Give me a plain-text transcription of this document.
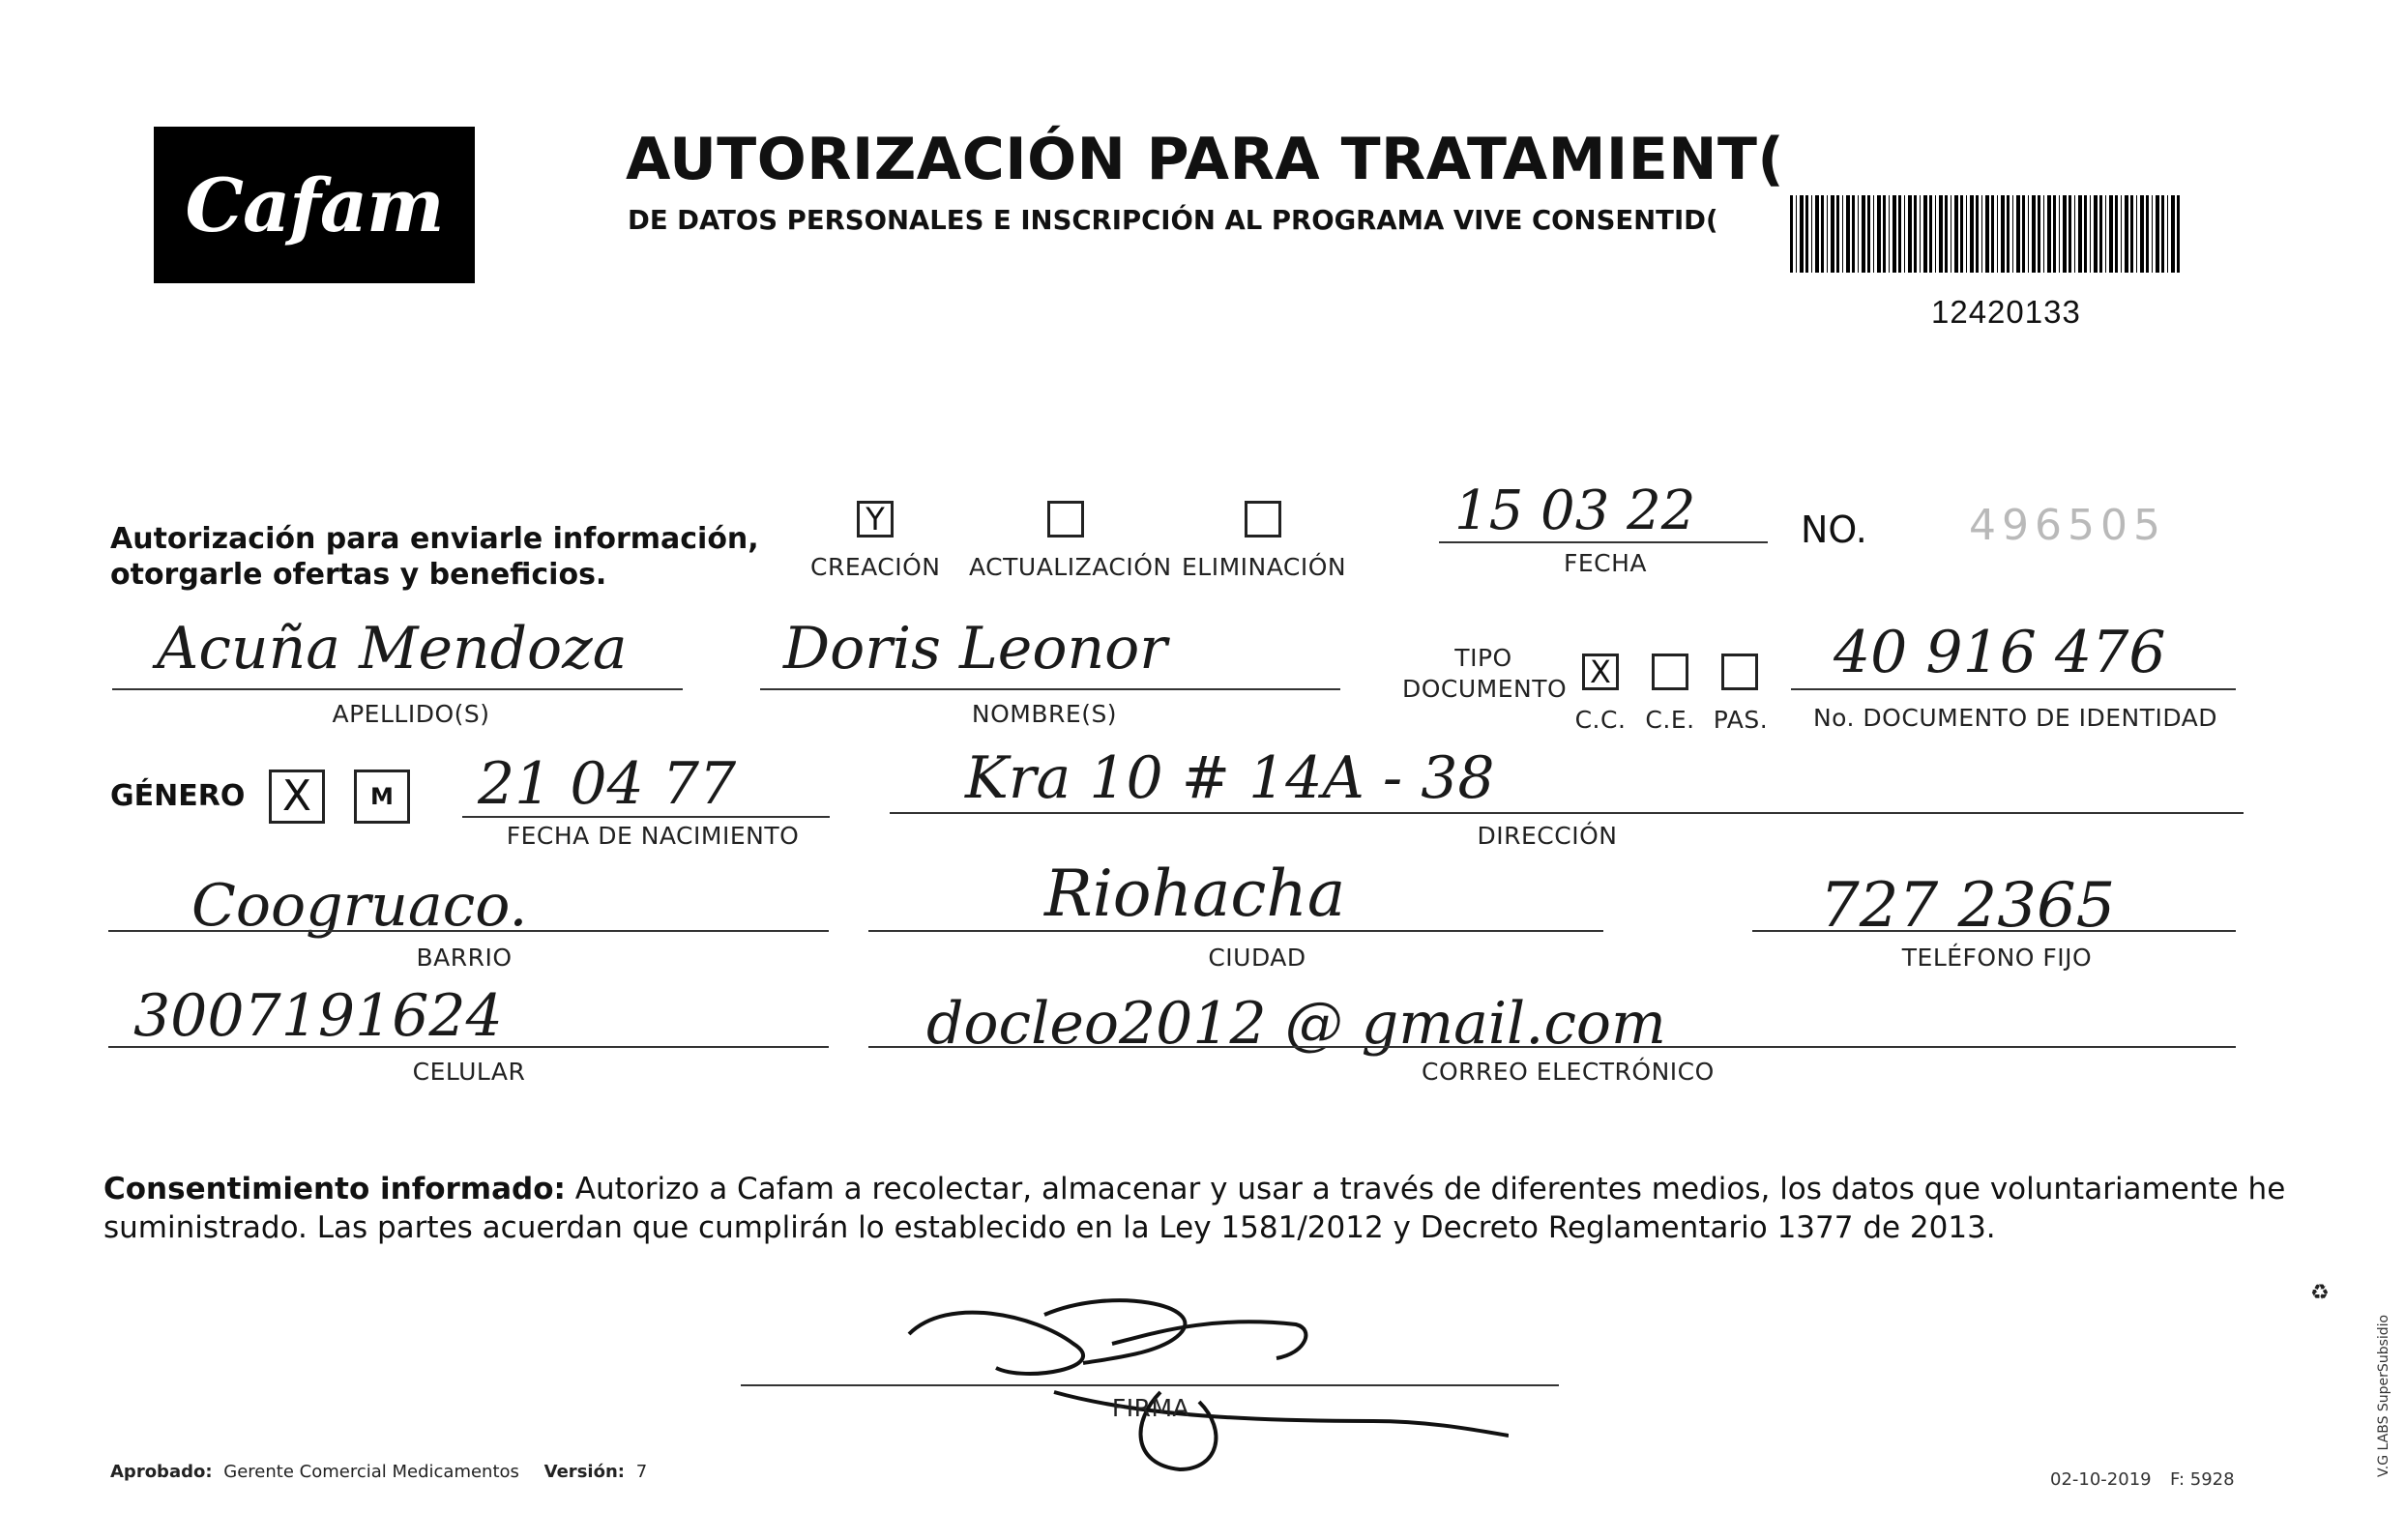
Cafam
AUTORIZACIÓN PARA TRATAMIENT(
DE DATOS PERSONALES E INSCRIPCIÓN AL PROGRAMA VIVE CONSENTID(
12420133
Autorización para enviarle información,
otorgarle ofertas y beneficios.
Y
CREACIÓN ACTUALIZACIÓN ELIMINACIÓN
15 03 22
FECHA
NO. 496505
Acuña Mendoza
APELLIDO(S)
Doris Leonor
NOMBRE(S)
TIPO
DOCUMENTO X
C.C. C.E. PAS.
40 916 476
No. DOCUMENTO DE IDENTIDAD
GÉNERO X	M 21 04 77
FECHA DE NACIMIENTO
Kra 10 # 14A - 38
DIRECCIÓN
Coogruaco.
BARRIO
Riohacha
CIUDAD
727 2365
TELÉFONO FIJO
3007191624
CELULAR
docleo2012 @ gmail.com
CORREO ELECTRÓNICO
Consentimiento informado: Autorizo a Cafam a recolectar, almacenar y usar a través de diferentes medios, los datos que voluntariamente he
suministrado. Las partes acuerdan que cumplirán lo establecido en la Ley 1581/2012 y Decreto Reglamentario 1377 de 2013.
FIRMA
Aprobado: Gerente Comercial Medicamentos Versión: 7	02-10-2019 F: 5928
V.G LABS SuperSubsidio
♻
